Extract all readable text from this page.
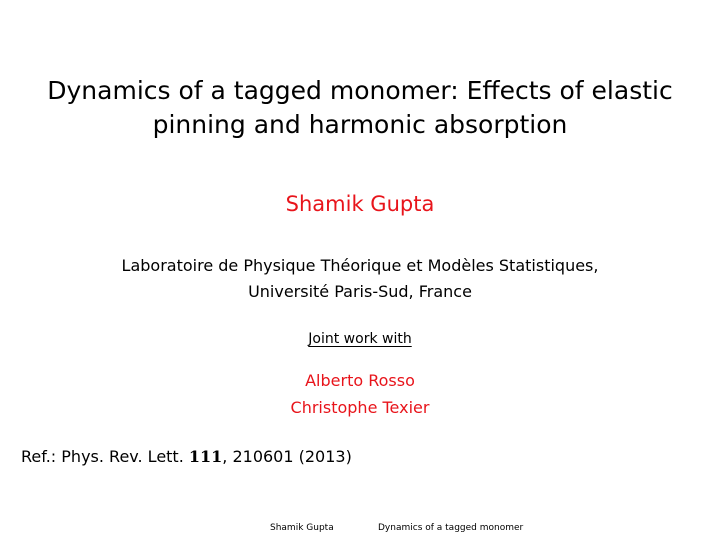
Dynamics of a tagged monomer: Effects of elastic
pinning and harmonic absorption
Shamik Gupta
Laboratoire de Physique Théorique et Modèles Statistiques,
Université Paris-Sud, France
Joint work with
Alberto Rosso
Christophe Texier
Ref.: Phys. Rev. Lett. 111, 210601 (2013)
Shamik Gupta	Dynamics of a tagged monomer
